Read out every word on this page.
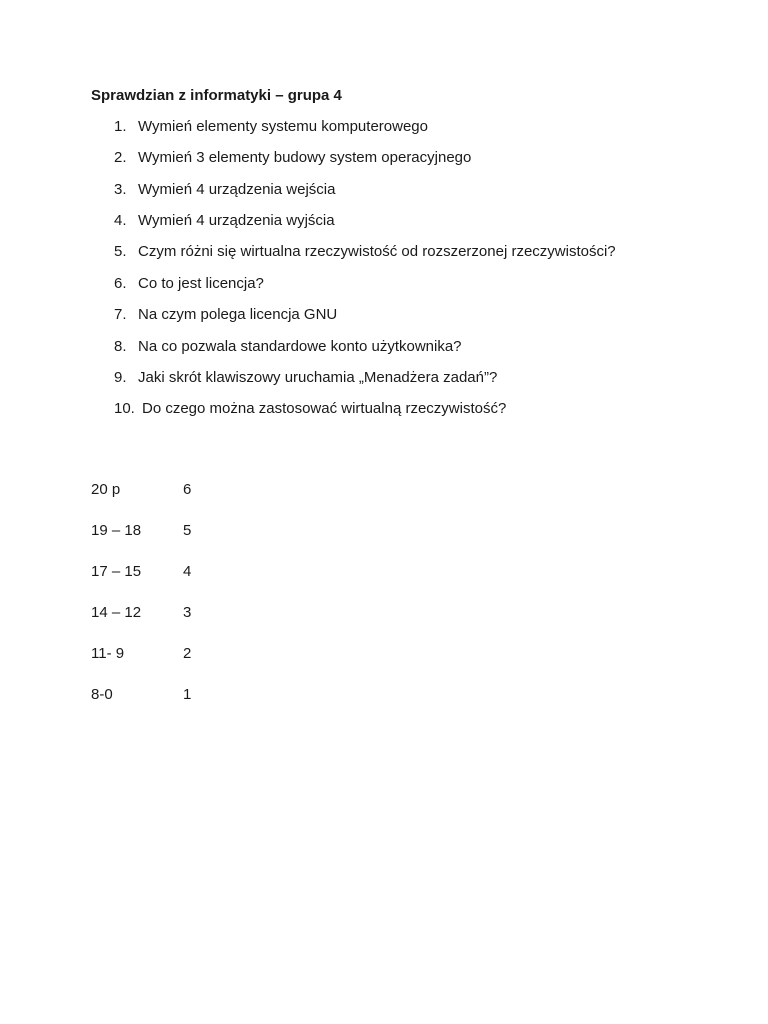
Sprawdzian z informatyki – grupa 4
1. Wymień elementy systemu komputerowego
2. Wymień 3 elementy budowy system operacyjnego
3. Wymień 4 urządzenia wejścia
4. Wymień 4 urządzenia wyjścia
5. Czym różni się wirtualna rzeczywistość od rozszerzonej rzeczywistości?
6. Co to jest licencja?
7. Na czym polega licencja GNU
8. Na co pozwala standardowe konto użytkownika?
9. Jaki skrót klawiszowy uruchamia „Menadżera zadań”?
10. Do czego można zastosować wirtualną rzeczywistość?
20 p	6
19 – 18	5
17 – 15	4
14 – 12	3
11- 9	2
8-0	1
